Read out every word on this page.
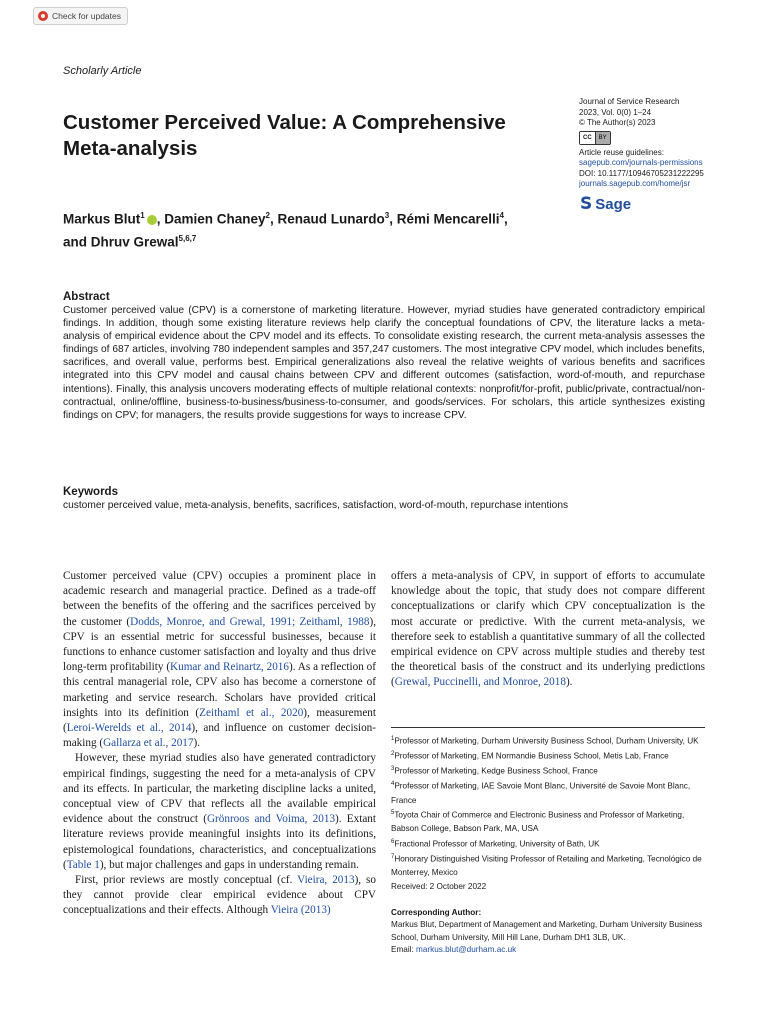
Check for updates
Scholarly Article
Customer Perceived Value: A Comprehensive Meta-analysis
Journal of Service Research
2023, Vol. 0(0) 1–24
© The Author(s) 2023
CC	BY
Article reuse guidelines:
sagepub.com/journals-permissions
DOI: 10.1177/10946705231222295
journals.sagepub.com/home/jsr
𝗦 Sage
Markus Blut$^1$ , Damien Chaney$^2$, Renaud Lunardo$^3$, Rémi Mencarelli$^4$,
and Dhruv Grewal$^{5,6,7}$
Abstract

Customer perceived value (CPV) is a cornerstone of marketing literature. However, myriad studies have generated contradictory empirical findings. In addition, though some existing literature reviews help clarify the conceptual foundations of CPV, the literature lacks a meta-analysis of empirical evidence about the CPV model and its effects. To consolidate existing research, the current meta-analysis assesses the findings of 687 articles, involving 780 independent samples and 357,247 customers. The most integrative CPV model, which includes benefits, sacrifices, and overall value, performs best. Empirical generalizations also reveal the relative weights of various benefits and sacrifices integrated into this CPV model and causal chains between CPV and different outcomes (satisfaction, word-of-mouth, and repurchase intentions). Finally, this analysis uncovers moderating effects of multiple relational contexts: nonprofit/for-profit, public/private, contractual/non-contractual, online/offline, business-to-business/business-to-consumer, and goods/services. For scholars, this article synthesizes existing findings on CPV; for managers, the results provide suggestions for ways to increase CPV.

Keywords

customer perceived value, meta-analysis, benefits, sacrifices, satisfaction, word-of-mouth, repurchase intentions

Customer perceived value (CPV) occupies a prominent place in academic research and managerial practice. Defined as a trade-off between the benefits of the offering and the sacrifices perceived by the customer (Dodds, Monroe, and Grewal, 1991; Zeithaml, 1988), CPV is an essential metric for successful businesses, because it functions to enhance customer satisfaction and loyalty and thus drive long-term profitability (Kumar and Reinartz, 2016). As a reflection of this central managerial role, CPV also has become a cornerstone of marketing and service research. Scholars have provided critical insights into its definition (Zeithaml et al., 2020), measurement (Leroi-Werelds et al., 2014), and influence on customer decision-making (Gallarza et al., 2017).

However, these myriad studies also have generated contradictory empirical findings, suggesting the need for a meta-analysis of CPV and its effects. In particular, the marketing discipline lacks a united, conceptual view of CPV that reflects all the available empirical evidence about the construct (Grönroos and Voima, 2013). Extant literature reviews provide meaningful insights into its definitions, epistemological foundations, characteristics, and conceptualizations (Table 1), but major challenges and gaps in understanding remain.

First, prior reviews are mostly conceptual (cf. Vieira, 2013), so they cannot provide clear empirical evidence about CPV conceptualizations and their effects. Although Vieira (2013)

offers a meta-analysis of CPV, in support of efforts to accumulate knowledge about the topic, that study does not compare different conceptualizations or clarify which CPV conceptualization is the most accurate or predictive. With the current meta-analysis, we therefore seek to establish a quantitative summary of all the collected empirical evidence on CPV across multiple studies and thereby test the theoretical basis of the construct and its underlying predictions (Grewal, Puccinelli, and Monroe, 2018).

$^1$Professor of Marketing, Durham University Business School, Durham University, UK
$^2$Professor of Marketing, EM Normandie Business School, Metis Lab, France
$^3$Professor of Marketing, Kedge Business School, France
$^4$Professor of Marketing, IAE Savoie Mont Blanc, Université de Savoie Mont Blanc, France
$^5$Toyota Chair of Commerce and Electronic Business and Professor of Marketing, Babson College, Babson Park, MA, USA
$^6$Fractional Professor of Marketing, University of Bath, UK
$^7$Honorary Distinguished Visiting Professor of Retailing and Marketing, Tecnológico de Monterrey, Mexico
Received: 2 October 2022
Corresponding Author:
Markus Blut, Department of Management and Marketing, Durham University Business School, Durham University, Mill Hill Lane, Durham DH1 3LB, UK.
Email: markus.blut@durham.ac.uk
